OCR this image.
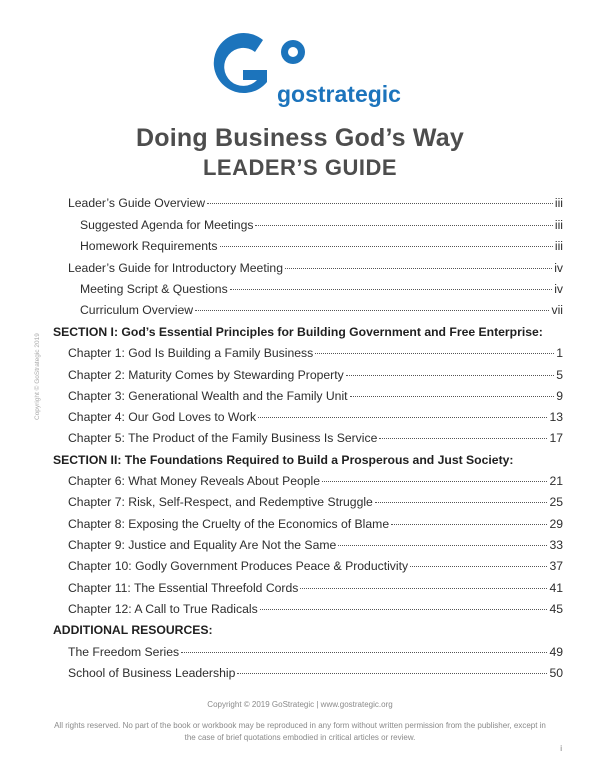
gostrategic
Doing Business God’s Way
LEADER’S GUIDE
Copyright © GoStrategic 2019
Leader’s Guide Overview	iii
Suggested Agenda for Meetings	iii
Homework Requirements	iii
Leader’s Guide for Introductory Meeting	iv
Meeting Script & Questions	iv
Curriculum Overview	vii
SECTION I: God’s Essential Principles for Building Government and Free Enterprise:
Chapter 1: God Is Building a Family Business	1
Chapter 2: Maturity Comes by Stewarding Property	5
Chapter 3: Generational Wealth and the Family Unit	9
Chapter 4: Our God Loves to Work	13
Chapter 5: The Product of the Family Business Is Service	17
SECTION II: The Foundations Required to Build a Prosperous and Just Society:
Chapter 6: What Money Reveals About People	21
Chapter 7: Risk, Self-Respect, and Redemptive Struggle	25
Chapter 8: Exposing the Cruelty of the Economics of Blame	29
Chapter 9: Justice and Equality Are Not the Same	33
Chapter 10: Godly Government Produces Peace & Productivity	37
Chapter 11: The Essential Threefold Cords	41
Chapter 12: A Call to True Radicals	45
ADDITIONAL RESOURCES:
The Freedom Series	49
School of Business Leadership	50
Copyright © 2019 GoStrategic | www.gostrategic.org
All rights reserved. No part of the book or workbook may be reproduced in any form without written permission from the publisher, except in the case of brief quotations embodied in critical articles or review.
i
